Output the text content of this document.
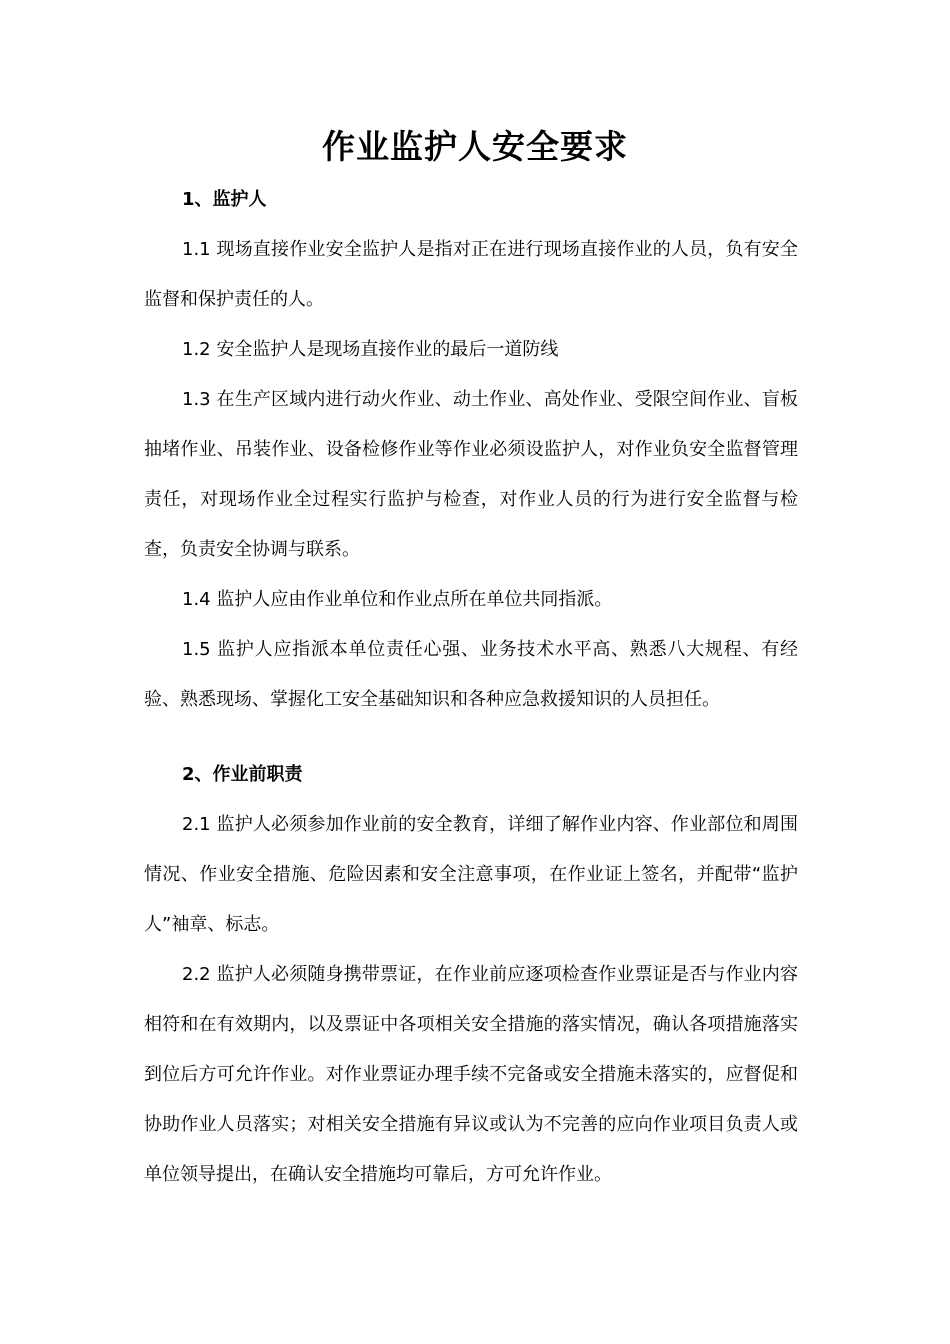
作业监护人安全要求

1、监护人

1.1 现场直接作业安全监护人是指对正在进行现场直接作业的人员，负有安全监督和保护责任的人。

1.2 安全监护人是现场直接作业的最后一道防线

1.3 在生产区域内进行动火作业、动土作业、高处作业、受限空间作业、盲板抽堵作业、吊装作业、设备检修作业等作业必须设监护人，对作业负安全监督管理责任，对现场作业全过程实行监护与检查，对作业人员的行为进行安全监督与检查，负责安全协调与联系。

1.4 监护人应由作业单位和作业点所在单位共同指派。

1.5 监护人应指派本单位责任心强、业务技术水平高、熟悉八大规程、有经验、熟悉现场、掌握化工安全基础知识和各种应急救援知识的人员担任。

2、作业前职责

2.1 监护人必须参加作业前的安全教育，详细了解作业内容、作业部位和周围情况、作业安全措施、危险因素和安全注意事项，在作业证上签名，并配带“监护人”袖章、标志。

2.2 监护人必须随身携带票证，在作业前应逐项检查作业票证是否与作业内容相符和在有效期内，以及票证中各项相关安全措施的落实情况，确认各项措施落实到位后方可允许作业。对作业票证办理手续不完备或安全措施未落实的，应督促和协助作业人员落实；对相关安全措施有异议或认为不完善的应向作业项目负责人或单位领导提出，在确认安全措施均可靠后，方可允许作业。
